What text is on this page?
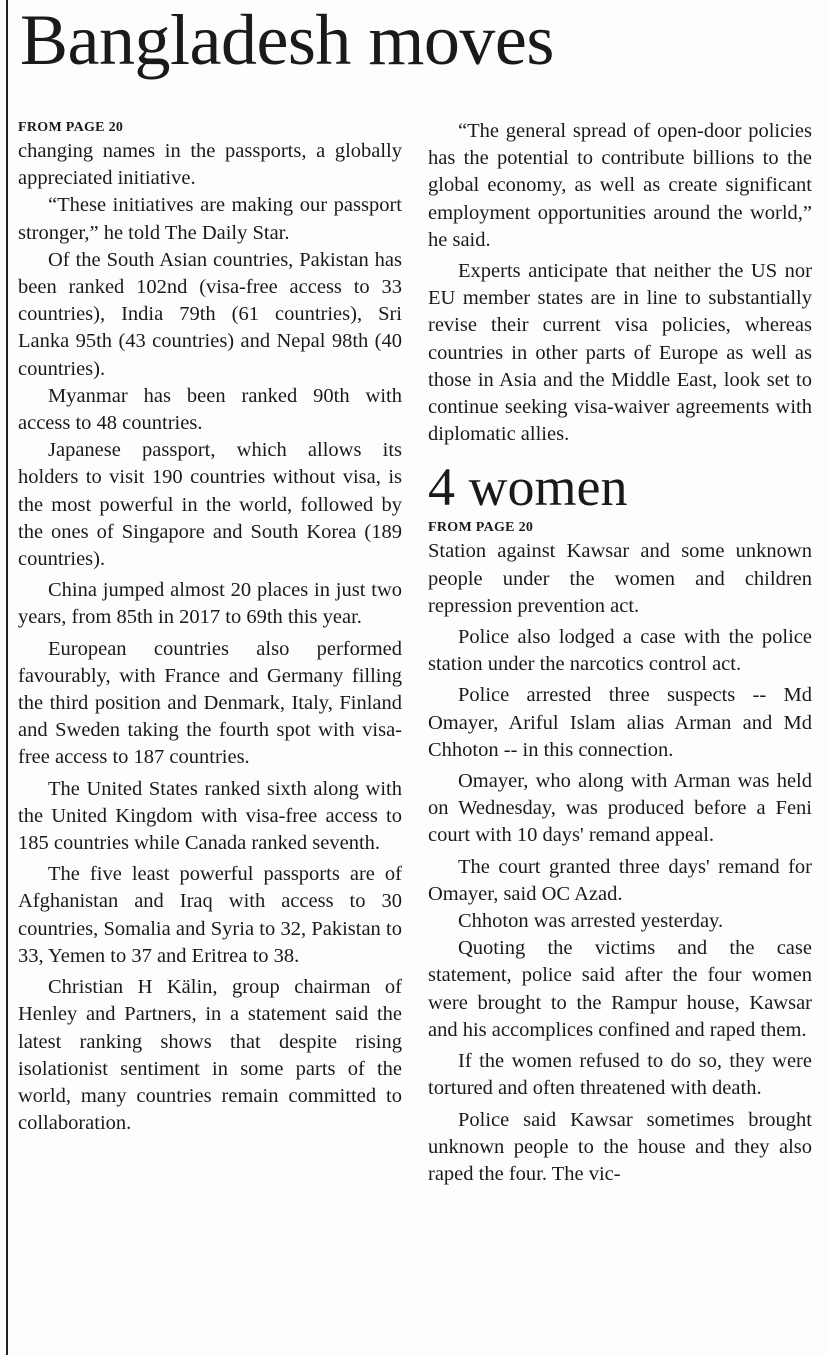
Bangladesh moves
FROM PAGE 20

changing names in the passports, a globally appreciated initiative.

“These initiatives are making our passport stronger,” he told The Daily Star.

Of the South Asian countries, Pakistan has been ranked 102nd (visa-free access to 33 countries), India 79th (61 countries), Sri Lanka 95th (43 countries) and Nepal 98th (40 countries).

Myanmar has been ranked 90th with access to 48 countries.

Japanese passport, which allows its holders to visit 190 countries without visa, is the most powerful in the world, followed by the ones of Singapore and South Korea (189 countries).

China jumped almost 20 places in just two years, from 85th in 2017 to 69th this year.

European countries also performed favourably, with France and Germany filling the third position and Denmark, Italy, Finland and Sweden taking the fourth spot with visa-free access to 187 countries.

The United States ranked sixth along with the United Kingdom with visa-free access to 185 countries while Canada ranked seventh.

The five least powerful passports are of Afghanistan and Iraq with access to 30 countries, Somalia and Syria to 32, Pakistan to 33, Yemen to 37 and Eritrea to 38.

Christian H Kälin, group chairman of Henley and Partners, in a statement said the latest ranking shows that despite rising isolationist sentiment in some parts of the world, many countries remain committed to collaboration.

“The general spread of open-door policies has the potential to contribute billions to the global economy, as well as create significant employment opportunities around the world,” he said.

Experts anticipate that neither the US nor EU member states are in line to substantially revise their current visa policies, whereas countries in other parts of Europe as well as those in Asia and the Middle East, look set to continue seeking visa-waiver agreements with diplomatic allies.

4 women
FROM PAGE 20

Station against Kawsar and some unknown people under the women and children repression prevention act.

Police also lodged a case with the police station under the narcotics control act.

Police arrested three suspects -- Md Omayer, Ariful Islam alias Arman and Md Chhoton -- in this connection.

Omayer, who along with Arman was held on Wednesday, was produced before a Feni court with 10 days' remand appeal.

The court granted three days' remand for Omayer, said OC Azad.

Chhoton was arrested yesterday.

Quoting the victims and the case statement, police said after the four women were brought to the Rampur house, Kawsar and his accomplices confined and raped them.

If the women refused to do so, they were tortured and often threatened with death.

Police said Kawsar sometimes brought unknown people to the house and they also raped the four. The vic-
